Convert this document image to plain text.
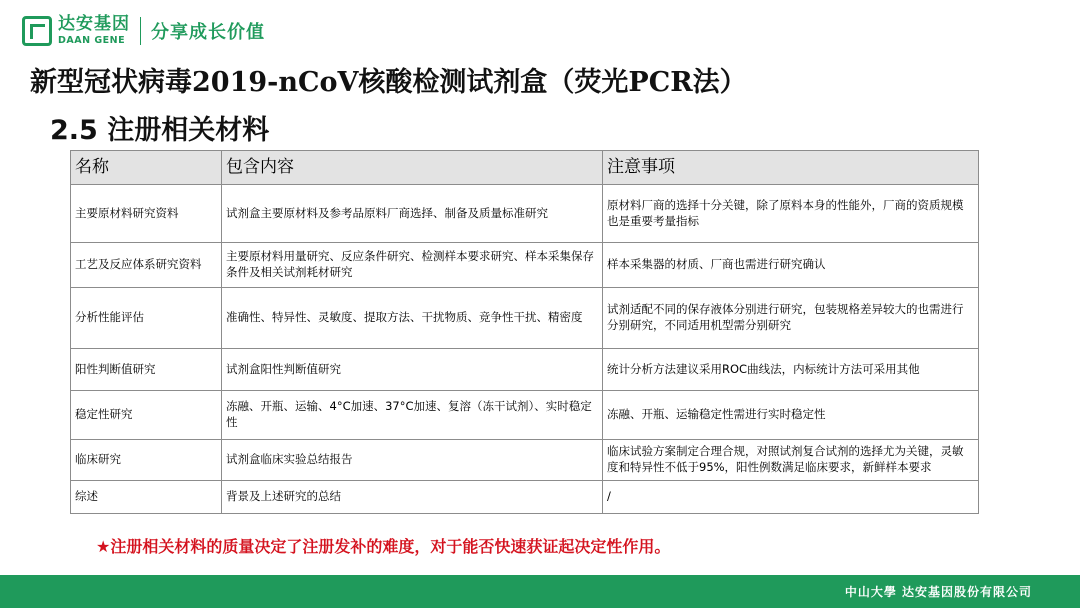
达安基因
DAAN GENE 分享成长价值
新型冠状病毒2019-nCoV核酸检测试剂盒（荧光PCR法）
2.5 注册相关材料
名称	包含内容	注意事项
主要原材料研究资料	试剂盒主要原材料及参考品原料厂商选择、制备及质量标准研究	原材料厂商的选择十分关键，除了原料本身的性能外，厂商的资质规模也是重要考量指标
工艺及反应体系研究资料	主要原材料用量研究、反应条件研究、检测样本要求研究、样本采集保存条件及相关试剂耗材研究	样本采集器的材质、厂商也需进行研究确认
分析性能评估	准确性、特异性、灵敏度、提取方法、干扰物质、竞争性干扰、精密度	试剂适配不同的保存液体分别进行研究，包装规格差异较大的也需进行分别研究，不同适用机型需分别研究
阳性判断值研究	试剂盒阳性判断值研究	统计分析方法建议采用ROC曲线法，内标统计方法可采用其他
稳定性研究	冻融、开瓶、运输、4°C加速、37°C加速、复溶（冻干试剂）、实时稳定性	冻融、开瓶、运输稳定性需进行实时稳定性
临床研究	试剂盒临床实验总结报告	临床试验方案制定合理合规，对照试剂复合试剂的选择尤为关键，灵敏度和特异性不低于95%，阳性例数满足临床要求，新鲜样本要求
综述	背景及上述研究的总结	/
★注册相关材料的质量决定了注册发补的难度，对于能否快速获证起决定性作用。
中山大學 达安基因股份有限公司
